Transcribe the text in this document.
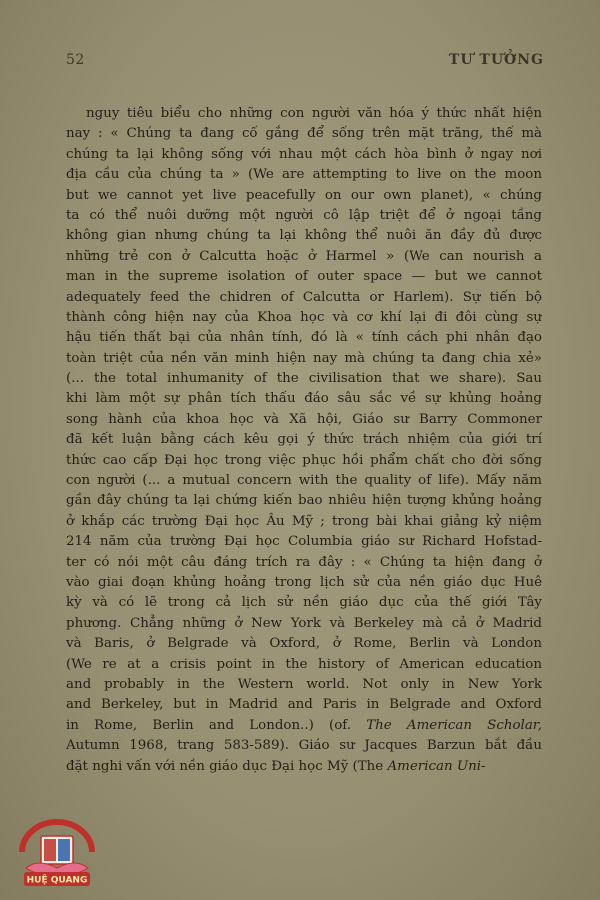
52	TƯ TƯỞNG
nguy tiêu biểu cho những con người văn hóa ý thức nhất hiện
nay : « Chúng ta đang cố gắng để sống trên mặt trăng, thế mà
chúng ta lại không sống với nhau một cách hòa bình ở ngay nơi
địa cầu của chúng ta » (We are attempting to live on the moon
but we cannot yet live peacefully on our own planet), « chúng
ta có thể nuôi dưỡng một người cô lập triệt để ở ngoại tầng
không gian nhưng chúng ta lại không thể nuôi ăn đầy đủ được
những trẻ con ở Calcutta hoặc ở Harmel » (We can nourish a
man in the supreme isolation of outer space — but we cannot
adequately feed the chidren of Calcutta or Harlem). Sự tiến bộ
thành công hiện nay của Khoa học và cơ khí lại đi đôi cùng sự
hậu tiến thất bại của nhân tính, đó là « tính cách phi nhân đạo
toàn triệt của nền văn minh hiện nay mà chúng ta đang chia xẻ»
(... the total inhumanity of the civilisation that we share). Sau
khi làm một sự phân tích thấu đáo sâu sắc về sự khủng hoảng
song hành của khoa học và Xã hội, Giáo sư Barry Commoner
đã kết luận bằng cách kêu gọi ý thức trách nhiệm của giới trí
thức cao cấp Đại học trong việc phục hồi phẩm chất cho đời sống
con người (... a mutual concern with the quality of life). Mấy năm
gần đây chúng ta lại chứng kiến bao nhiêu hiện tượng khủng hoảng
ở khắp các trường Đại học Âu Mỹ ; trong bài khai giảng kỷ niệm
214 năm của trường Đại học Columbia giáo sư Richard Hofstad-
ter có nói một câu đáng trích ra đây : « Chúng ta hiện đang ở
vào giai đoạn khủng hoảng trong lịch sử của nền giáo dục Huê
kỳ và có lẽ trong cả lịch sử nền giáo dục của thế giới Tây
phương. Chẳng những ở New York và Berkeley mà cả ở Madrid
và Baris, ở Belgrade và Oxford, ở Rome, Berlin và London
(We re at a crisis point in the history of American education
and probably in the Western world. Not only in New York
and Berkeley, but in Madrid and Paris in Belgrade and Oxford
in Rome, Berlin and London..) (of. The American Scholar,
Autumn 1968, trang 583-589). Giáo sư Jacques Barzun bắt đầu
đặt nghi vấn với nền giáo dục Đại học Mỹ (The American Uni-
HUỆ QUANG
